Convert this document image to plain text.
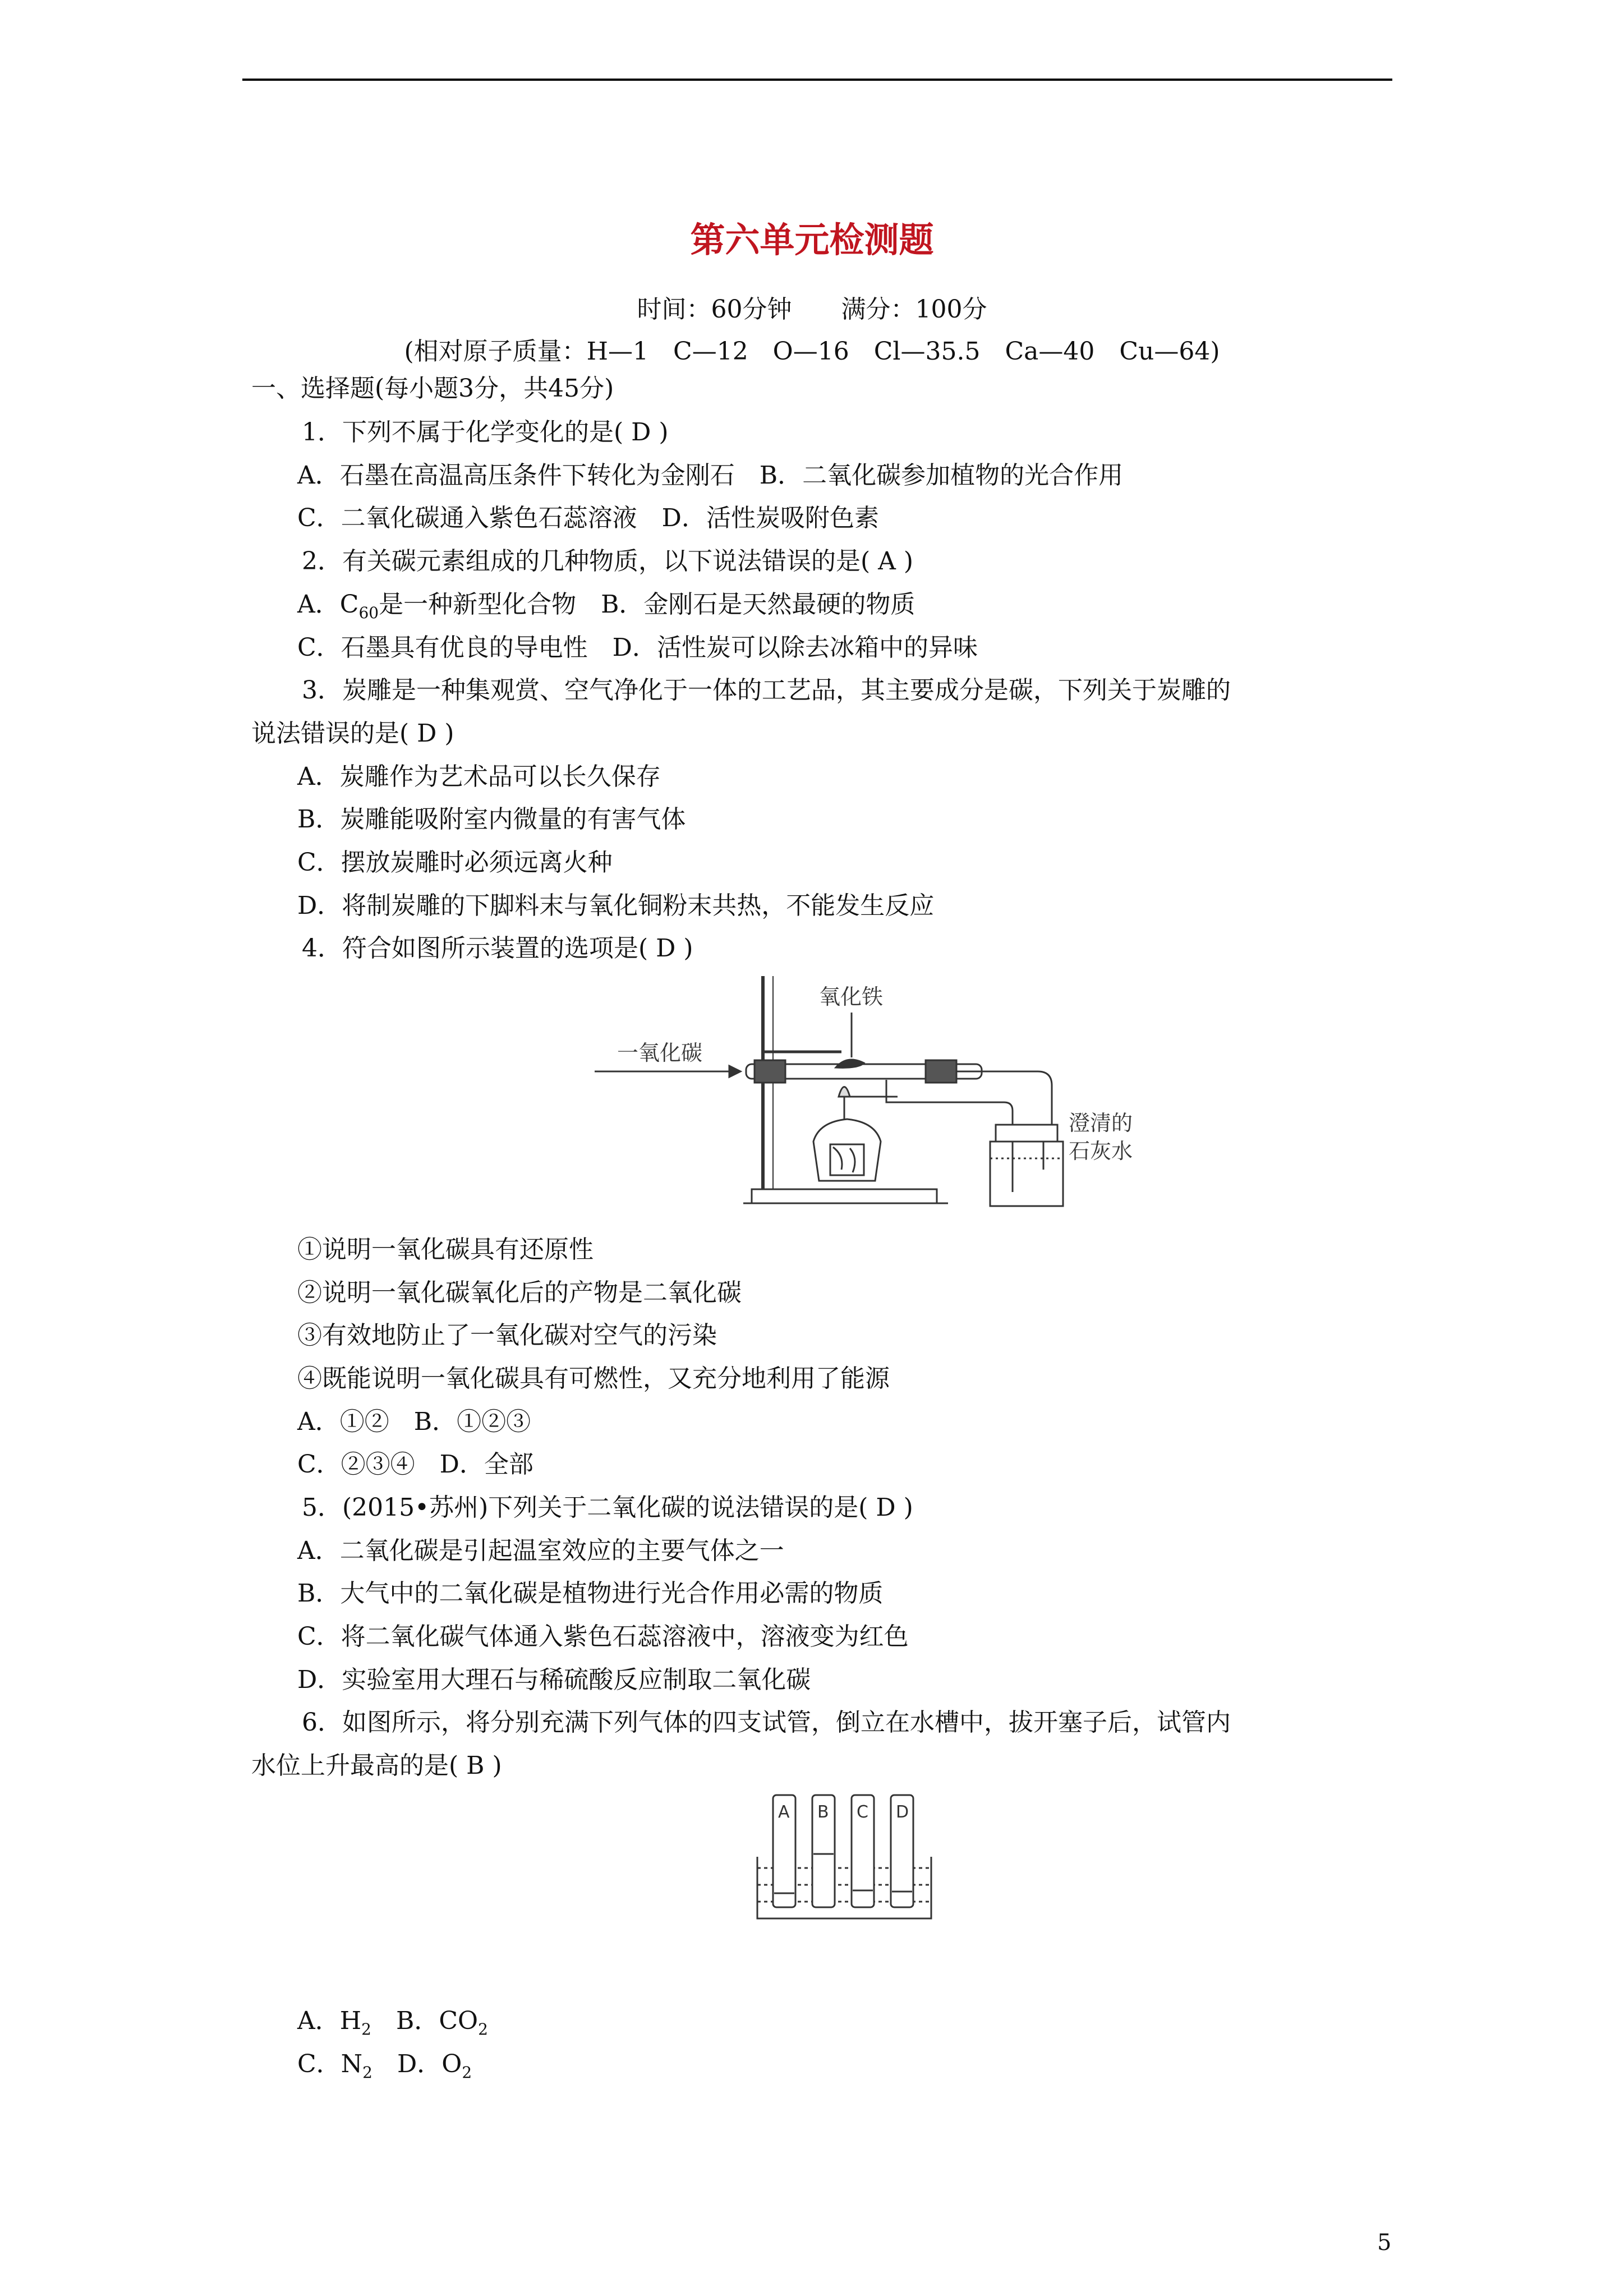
第六单元检测题
时间：60分钟　　满分：100分
(相对原子质量：H—1　C—12　O—16　Cl—35.5　Ca—40　Cu—64)
一、选择题(每小题3分，共45分)
1．下列不属于化学变化的是( D )
A．石墨在高温高压条件下转化为金刚石　B．二氧化碳参加植物的光合作用
C．二氧化碳通入紫色石蕊溶液　D．活性炭吸附色素
2．有关碳元素组成的几种物质，以下说法错误的是( A )
A．$C_{60}$是一种新型化合物　B．金刚石是天然最硬的物质
C．石墨具有优良的导电性　D．活性炭可以除去冰箱中的异味
3．炭雕是一种集观赏、空气净化于一体的工艺品，其主要成分是碳，下列关于炭雕的
说法错误的是( D )
A．炭雕作为艺术品可以长久保存
B．炭雕能吸附室内微量的有害气体
C．摆放炭雕时必须远离火种
D．将制炭雕的下脚料末与氧化铜粉末共热，不能发生反应
4．符合如图所示装置的选项是( D )
一氧化碳
氧化铁
澄清的
石灰水
①说明一氧化碳具有还原性
②说明一氧化碳氧化后的产物是二氧化碳
③有效地防止了一氧化碳对空气的污染
④既能说明一氧化碳具有可燃性，又充分地利用了能源
A．①②　B．①②③
C．②③④　D．全部
5．(2015•苏州)下列关于二氧化碳的说法错误的是( D )
A．二氧化碳是引起温室效应的主要气体之一
B．大气中的二氧化碳是植物进行光合作用必需的物质
C．将二氧化碳气体通入紫色石蕊溶液中，溶液变为红色
D．实验室用大理石与稀硫酸反应制取二氧化碳
6．如图所示，将分别充满下列气体的四支试管，倒立在水槽中，拔开塞子后，试管内
水位上升最高的是( B )
A B C D
A．$H_2$　B．$CO_2$
C．$N_2$　D．$O_2$
5
